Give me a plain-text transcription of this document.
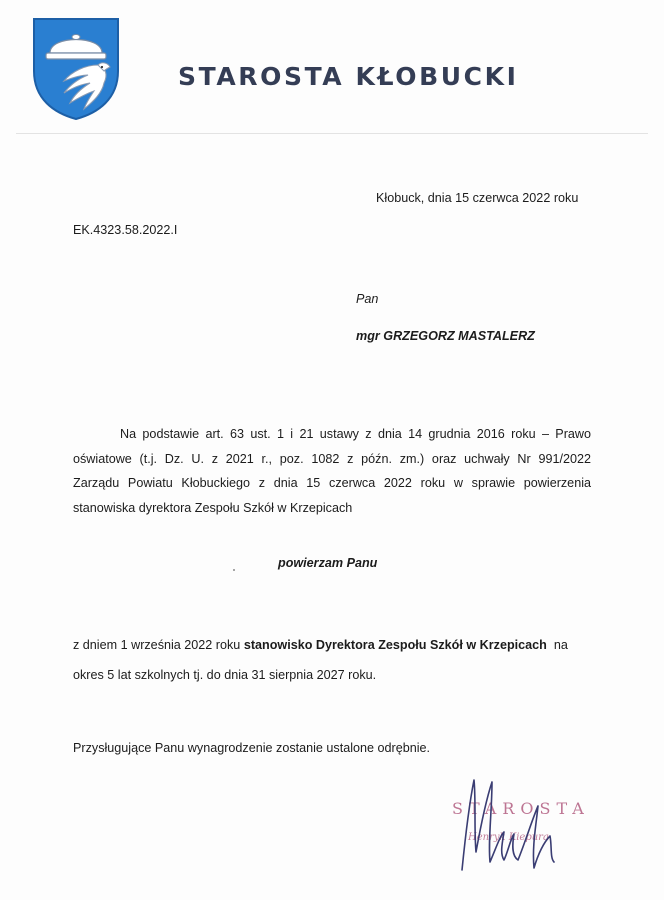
STAROSTA KŁOBUCKI
Kłobuck, dnia 15 czerwca 2022 roku
EK.4323.58.2022.I
Pan
mgr GRZEGORZ MASTALERZ
Na podstawie art. 63 ust. 1 i 21 ustawy z dnia 14 grudnia 2016 roku – Prawo
oświatowe (t.j. Dz. U. z 2021 r., poz. 1082 z późn. zm.) oraz uchwały Nr 991/2022
Zarządu Powiatu Kłobuckiego z dnia 15 czerwca 2022 roku w sprawie powierzenia
stanowiska dyrektora Zespołu Szkół w Krzepicach
powierzam Panu
z dniem 1 września 2022 roku stanowisko Dyrektora Zespołu Szkół w Krzepicach  na
okres 5 lat szkolnych tj. do dnia 31 sierpnia 2027 roku.
Przysługujące Panu wynagrodzenie zostanie ustalone odrębnie.
STAROSTA
Henryk Kiepura
